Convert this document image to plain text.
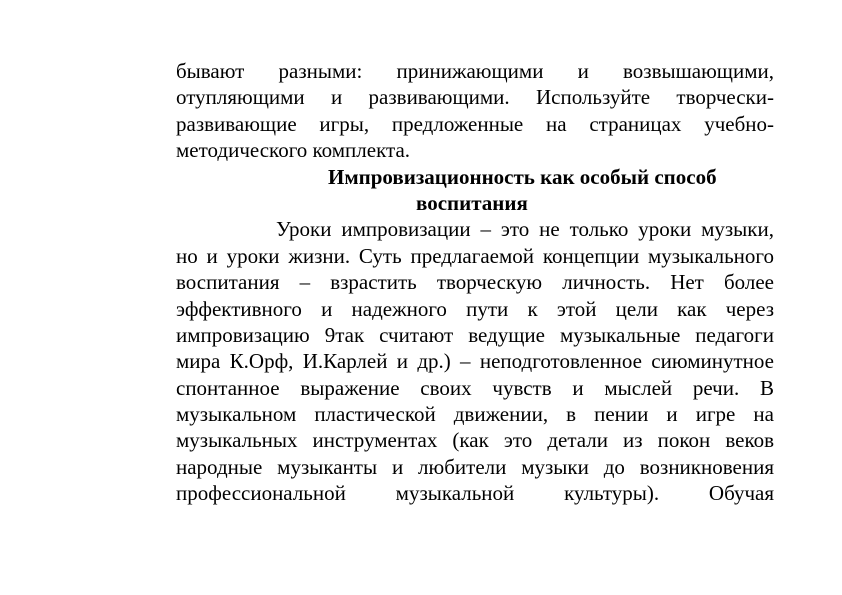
бывают разными: принижающими и возвышающими,
отупляющими и развивающими. Используйте творчески-
развивающие игры, предложенные на страницах учебно-
методического комплекта.
Импровизационность как особый способ
воспитания
Уроки импровизации – это не только уроки музыки,
но и уроки жизни. Суть предлагаемой концепции музыкального
воспитания – взрастить творческую личность. Нет более
эффективного и надежного пути к этой цели как через
импровизацию 9так считают ведущие музыкальные педагоги
мира К.Орф, И.Карлей и др.) – неподготовленное сиюминутное
спонтанное выражение своих чувств и мыслей речи. В
музыкальном пластической движении, в пении и игре на
музыкальных инструментах (как это детали из покон веков
народные музыканты и любители музыки до возникновения
профессиональной музыкальной культуры). Обучая
